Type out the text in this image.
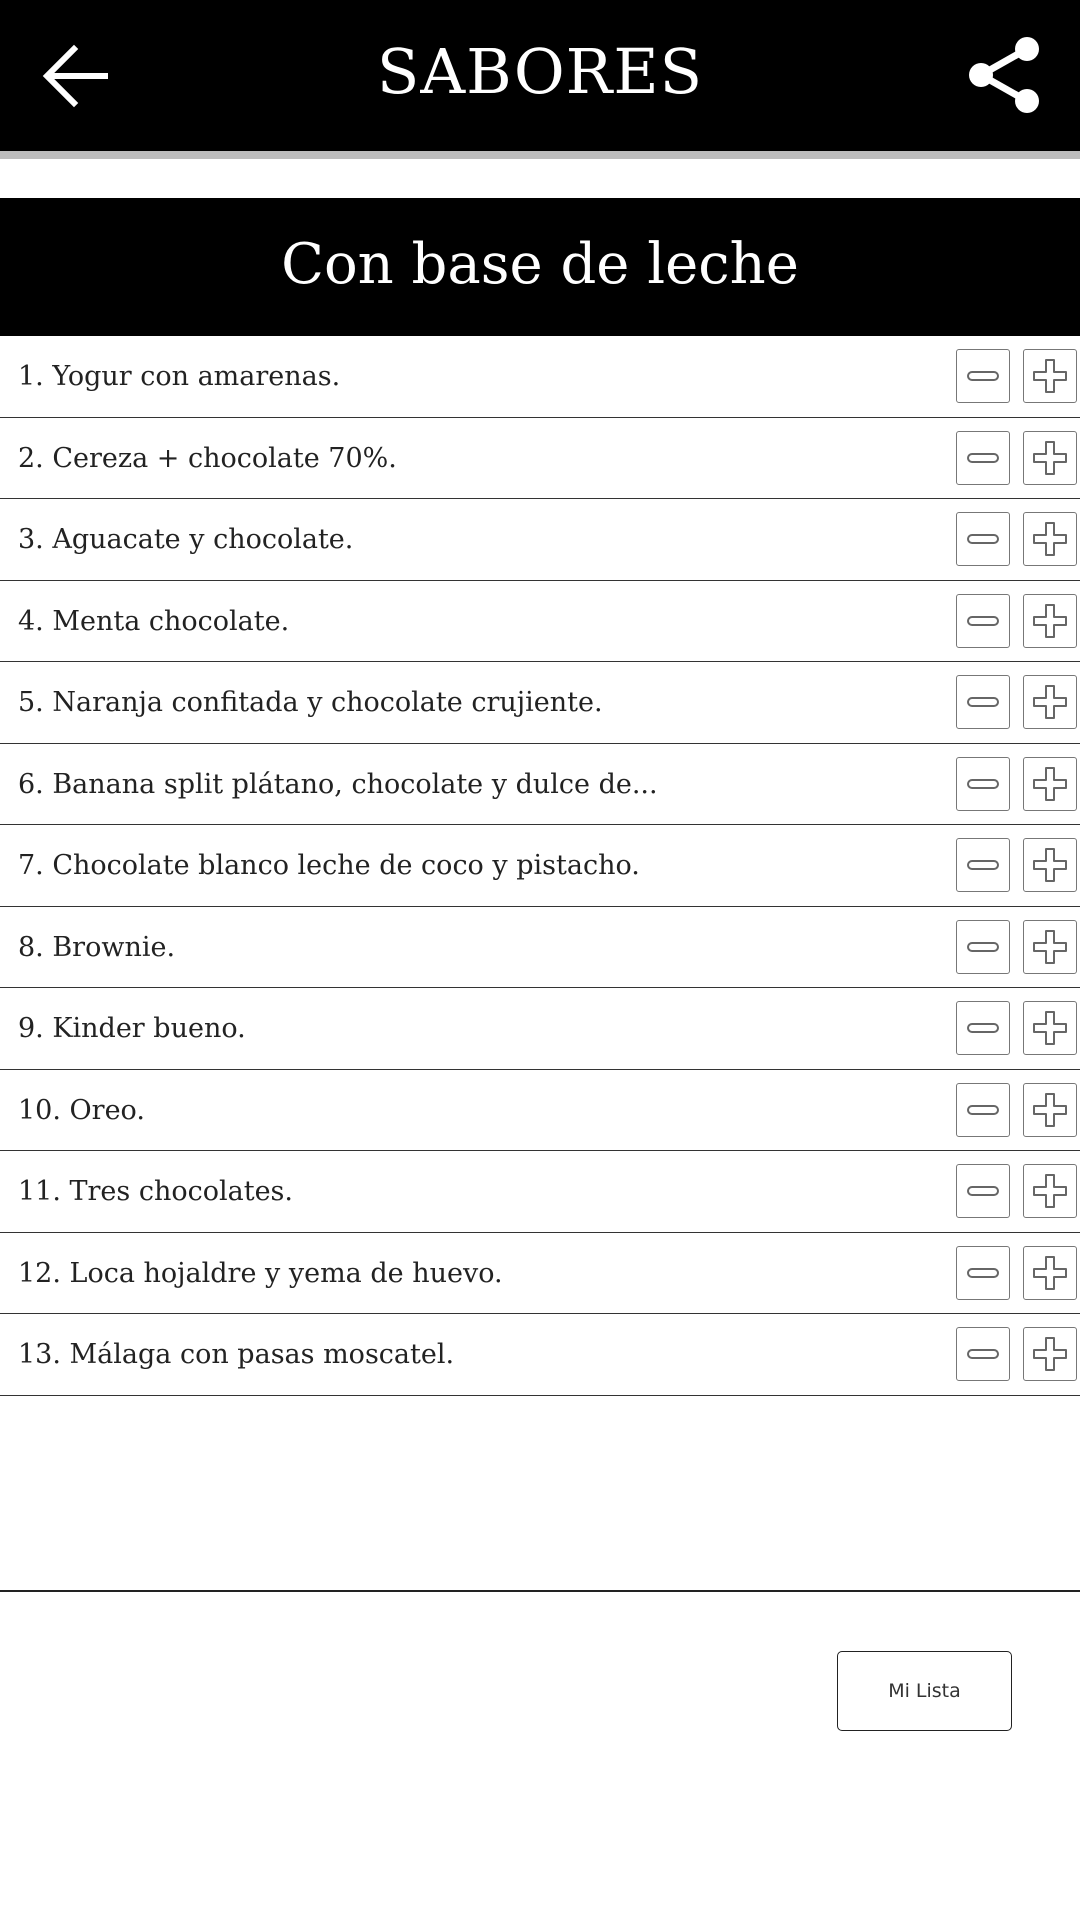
SABORES
Con base de leche
1. Yogur con amarenas.
2. Cereza + chocolate 70%.
3. Aguacate y chocolate.
4. Menta chocolate.
5. Naranja confitada y chocolate crujiente.
6. Banana split plátano, chocolate y dulce de...
7. Chocolate blanco leche de coco y pistacho.
8. Brownie.
9. Kinder bueno.
10. Oreo.
11. Tres chocolates.
12. Loca hojaldre y yema de huevo.
13. Málaga con pasas moscatel.
Mi Lista
